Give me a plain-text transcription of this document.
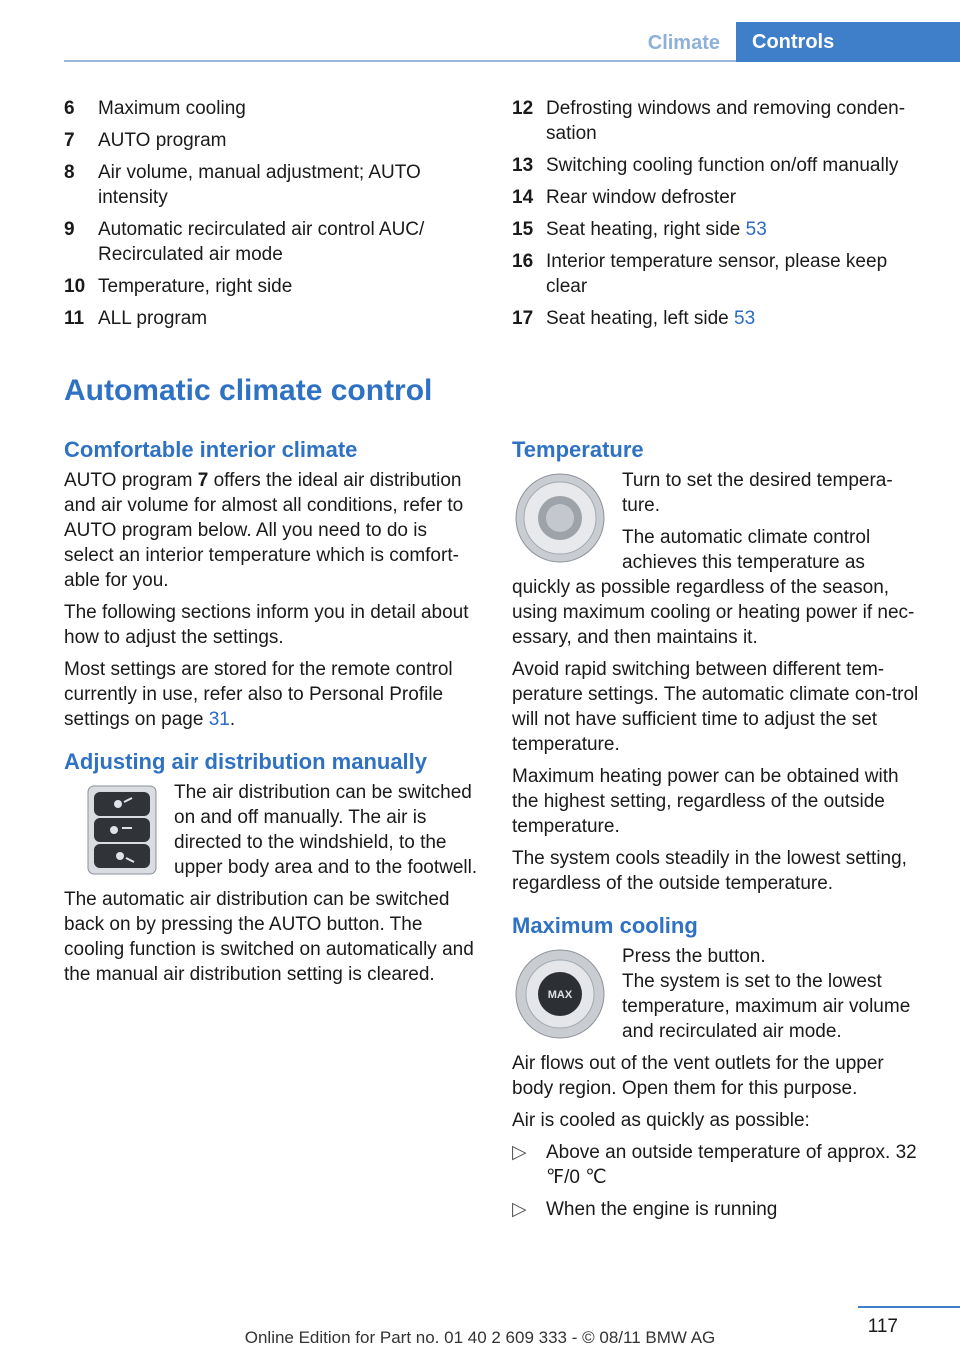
Climate	Controls
6	Maximum cooling
7	AUTO program
8	Air volume, manual adjustment; AUTO intensity
9	Automatic recirculated air control AUC/ Recirculated air mode
10 Temperature, right side
11 ALL program
12 Defrosting windows and removing conden-sation
13 Switching cooling function on/off manually
14 Rear window defroster
15 Seat heating, right side 53
16 Interior temperature sensor, please keep clear
17 Seat heating, left side 53
Automatic climate control
Comfortable interior climate

AUTO program 7 offers the ideal air distribution and air volume for almost all conditions, refer to AUTO program below. All you need to do is select an interior temperature which is comfort-able for you.

The following sections inform you in detail about how to adjust the settings.

Most settings are stored for the remote control currently in use, refer also to Personal Profile settings on page 31.

Adjusting air distribution manually

The air distribution can be switched on and off manually. The air is directed to the windshield, to the upper body area and to the footwell.

The automatic air distribution can be switched back on by pressing the AUTO button. The cooling function is switched on automatically and the manual air distribution setting is cleared.

Temperature

Turn to set the desired tempera-ture.

The automatic climate control achieves this temperature as quickly as possible regardless of the season, using maximum cooling or heating power if nec-essary, and then maintains it.

Avoid rapid switching between different tem-perature settings. The automatic climate con-trol will not have sufficient time to adjust the set temperature.

Maximum heating power can be obtained with the highest setting, regardless of the outside temperature.

The system cools steadily in the lowest setting, regardless of the outside temperature.

Maximum cooling
MAX
Press the button.

The system is set to the lowest temperature, maximum air volume and recirculated air mode.

Air flows out of the vent outlets for the upper body region. Open them for this purpose.

Air is cooled as quickly as possible:

▷	Above an outside temperature of approx. 32 ℉/0 ℃
▷	When the engine is running
117
Online Edition for Part no. 01 40 2 609 333 - © 08/11 BMW AG
